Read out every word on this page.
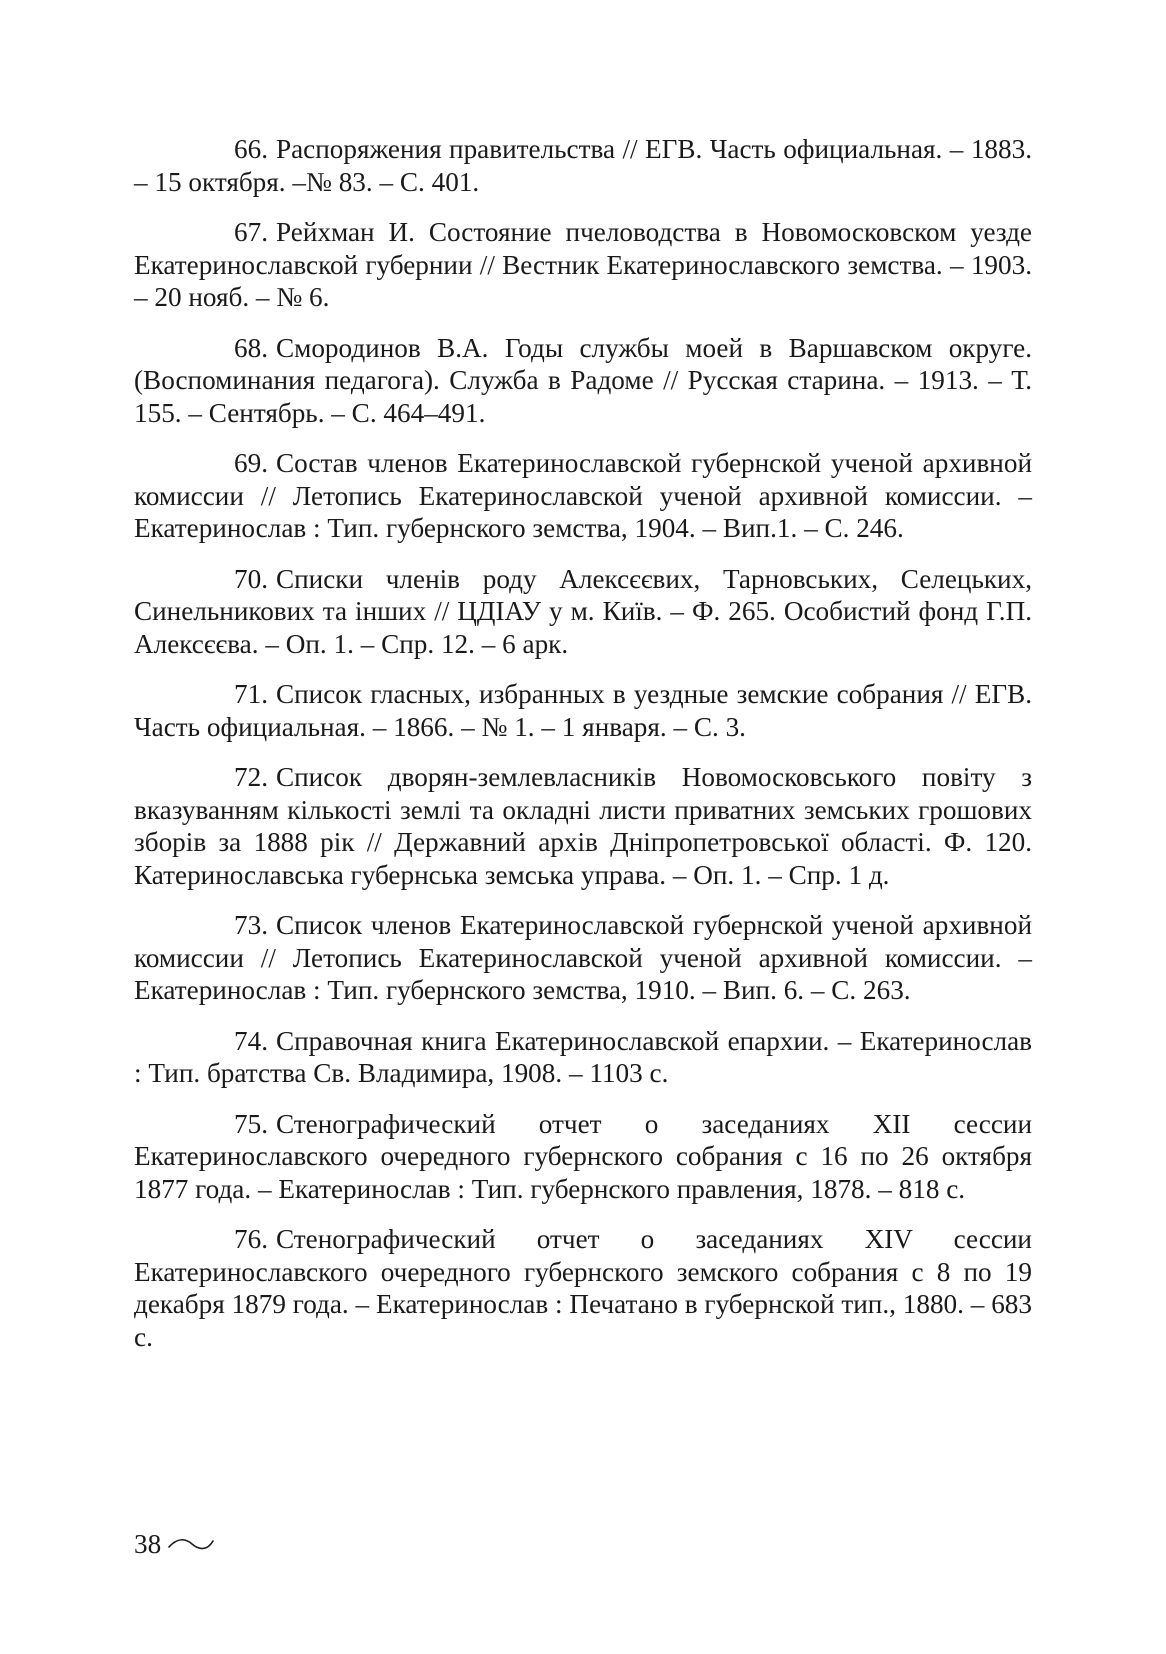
66. Распоряжения правительства // ЕГВ. Часть официальная. – 1883. – 15 октября. –№ 83. – С. 401.

67. Рейхман И. Состояние пчеловодства в Новомосковском уезде Екатеринославской губернии // Вестник Екатеринославского земства. – 1903. – 20 нояб. – № 6.

68. Смородинов В.А. Годы службы моей в Варшавском округе. (Воспоминания педагога). Служба в Радоме // Русская старина. – 1913. – Т. 155. – Сентябрь. – С. 464–491.

69. Состав членов Екатеринославской губернской ученой архивной комиссии // Летопись Екатеринославской ученой архивной комиссии. – Екатеринослав : Тип. губернского земства, 1904. – Вип.1. – С. 246.

70. Списки членів роду Алексєєвих, Тарновських, Селецьких, Синельникових та інших // ЦДІАУ у м. Київ. – Ф. 265. Особистий фонд Г.П. Алексєєва. – Оп. 1. – Спр. 12. – 6 арк.

71. Список гласных, избранных в уездные земские собрания // ЕГВ. Часть официальная. – 1866. – № 1. – 1 января. – С. 3.

72. Список дворян-землевласників Новомосковського повіту з вказуванням кількості землі та окладні листи приватних земських грошових зборів за 1888 рік // Державний архів Дніпропетровської області. Ф. 120. Катеринославська губернська земська управа. – Оп. 1. – Спр. 1 д.

73. Список членов Екатеринославской губернской ученой архивной комиссии // Летопись Екатеринославской ученой архивной комиссии. – Екатеринослав : Тип. губернского земства, 1910. – Вип. 6. – С. 263.

74. Справочная книга Екатеринославской епархии. – Екатеринослав : Тип. братства Св. Владимира, 1908. – 1103 с.

75. Стенографический отчет о заседаниях XII сессии Екатеринославского очередного губернского собрания с 16 по 26 октября 1877 года. – Екатеринослав : Тип. губернского правления, 1878. – 818 с.

76. Стенографический отчет о заседаниях XIV сессии Екатеринославского очередного губернского земского собрания с 8 по 19 декабря 1879 года. – Екатеринослав : Печатано в губернской тип., 1880. – 683 с.

38
